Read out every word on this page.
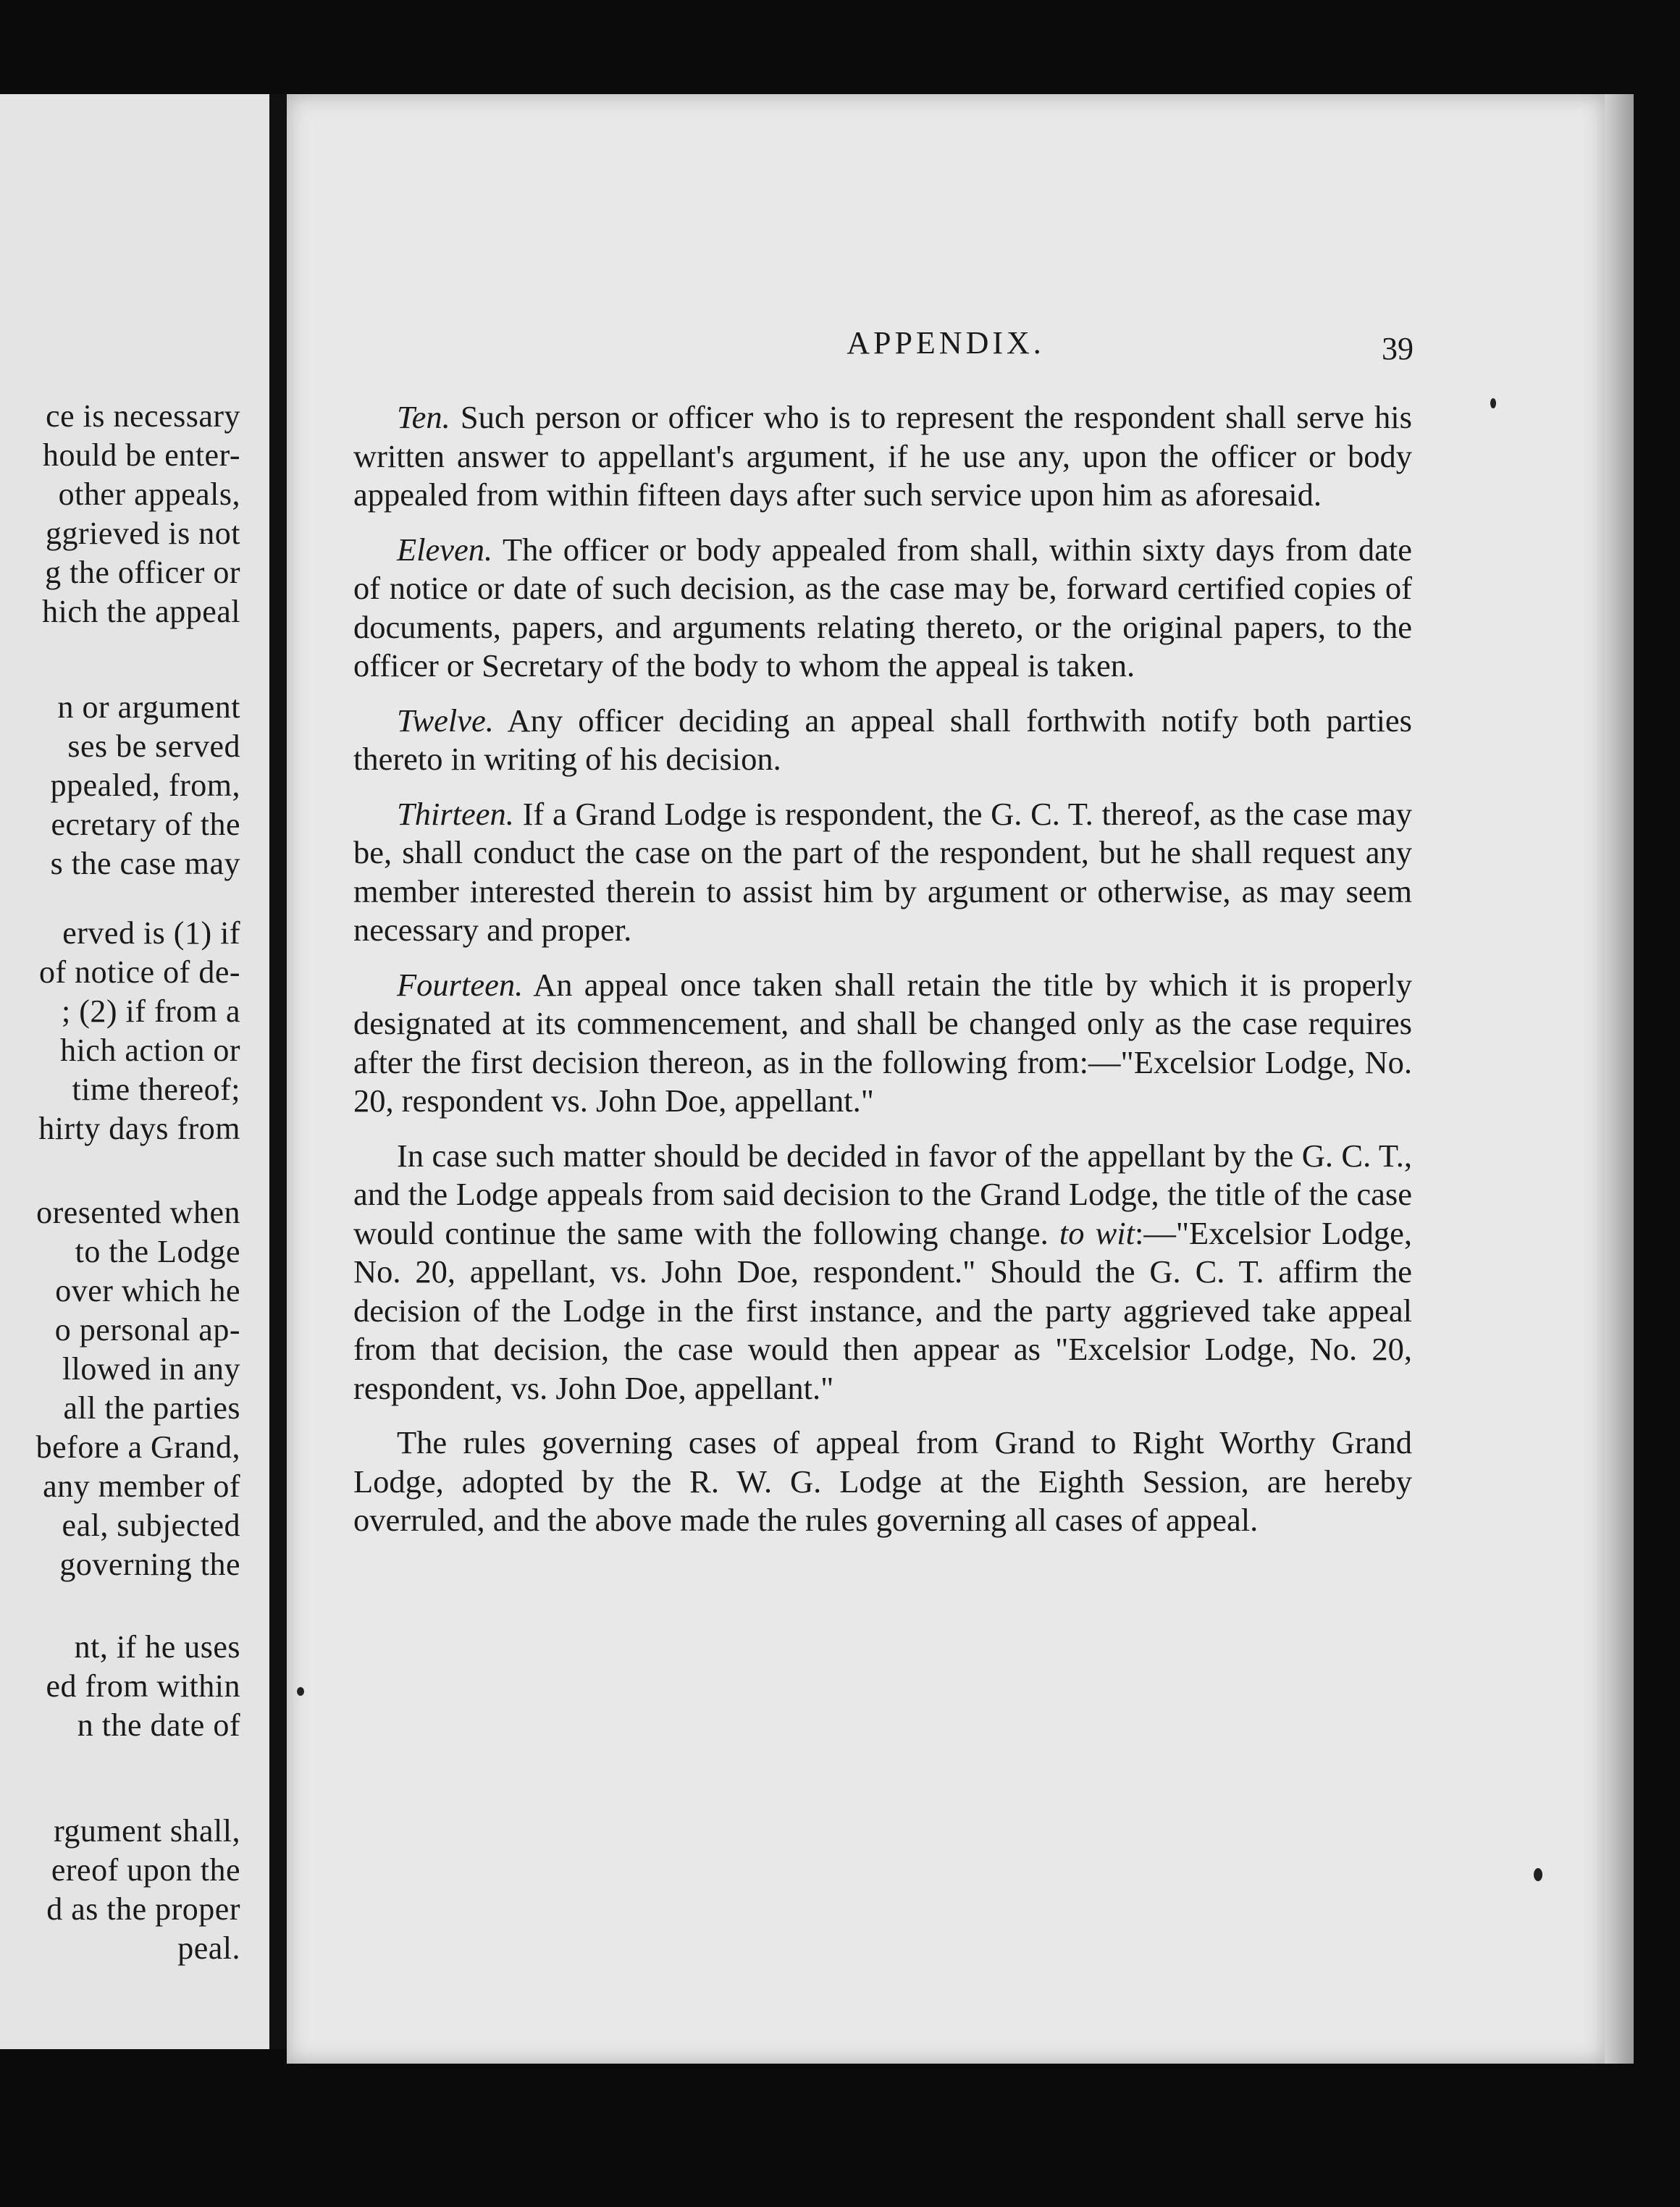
ce is necessary
hould be enter-
other appeals,
ggrieved is not
g the officer or
hich the appeal
n or argument
ses be served
ppealed, from,
ecretary of the
s the case may
erved is (1) if
of notice of de-
; (2) if from a
hich action or
time thereof;
hirty days from
oresented when
to the Lodge
over which he
o personal ap-
llowed in any
all the parties
before a Grand,
any member of
eal, subjected
governing the
nt, if he uses
ed from within
n the date of
rgument shall,
ereof upon the
d as the proper
peal.
APPENDIX.	39

Ten. Such person or officer who is to represent the respondent shall serve his written answer to appellant's argument, if he use any, upon the officer or body appealed from within fifteen days after such service upon him as aforesaid.

Eleven. The officer or body appealed from shall, within sixty days from date of notice or date of such decision, as the case may be, forward certified copies of documents, papers, and arguments relating thereto, or the original papers, to the officer or Secretary of the body to whom the appeal is taken.

Twelve. Any officer deciding an appeal shall forthwith notify both parties thereto in writing of his decision.

Thirteen. If a Grand Lodge is respondent, the G. C. T. thereof, as the case may be, shall conduct the case on the part of the respondent, but he shall request any member interested therein to assist him by argument or otherwise, as may seem necessary and proper.

Fourteen. An appeal once taken shall retain the title by which it is properly designated at its commencement, and shall be changed only as the case requires after the first decision thereon, as in the following from:—"Excelsior Lodge, No. 20, respondent vs. John Doe, appellant."

In case such matter should be decided in favor of the appellant by the G. C. T., and the Lodge appeals from said decision to the Grand Lodge, the title of the case would continue the same with the following change. to wit:—"Excelsior Lodge, No. 20, appellant, vs. John Doe, respondent." Should the G. C. T. affirm the decision of the Lodge in the first instance, and the party aggrieved take appeal from that decision, the case would then appear as "Excelsior Lodge, No. 20, respondent, vs. John Doe, appellant."

The rules governing cases of appeal from Grand to Right Worthy Grand Lodge, adopted by the R. W. G. Lodge at the Eighth Session, are hereby overruled, and the above made the rules governing all cases of appeal.
